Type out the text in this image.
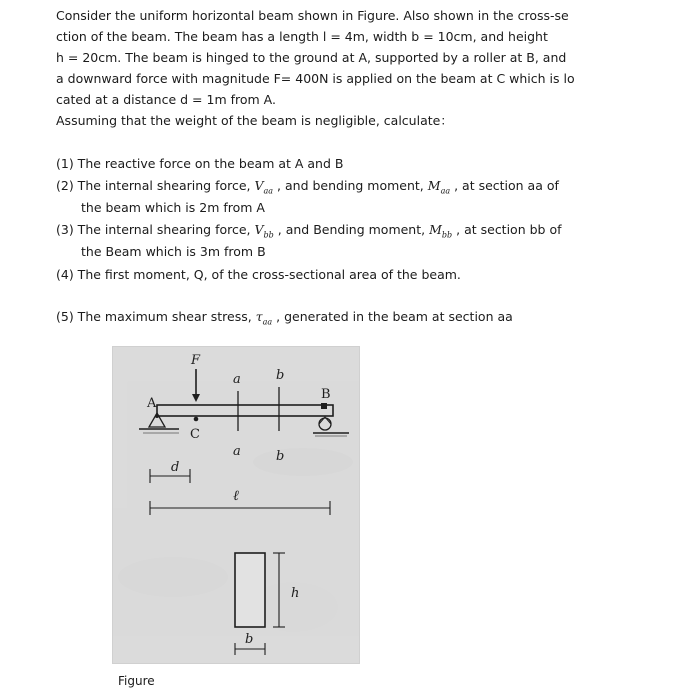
Consider the uniform horizontal beam shown in Figure. Also shown in the cross-se
ction of the beam. The beam has a length l = 4m, width b = 10cm, and height
h = 20cm. The beam is hinged to the ground at A, supported by a roller at B, and
a downward force with magnitude F= 400N is applied on the beam at C which is lo
cated at a distance d = 1m from A.
Assuming that the weight of the beam is negligible, calculate：

(1) The reactive force on the beam at A and B

(2) The internal shearing force, $V_{aa}$ , and bending moment, $M_{aa}$ , at section aa of

the beam which is 2m from A

(3) The internal shearing force, $V_{bb}$ , and Bending moment, $M_{bb}$ , at section bb of

the Beam which is 3m from B

(4) The first moment, Q, of the cross-sectional area of the beam.

(5) The maximum shear stress, $\tau_{aa}$ , generated in the beam at section aa

F
a	b
A
B
C
a	b
d
ℓ
h
b
Figure
